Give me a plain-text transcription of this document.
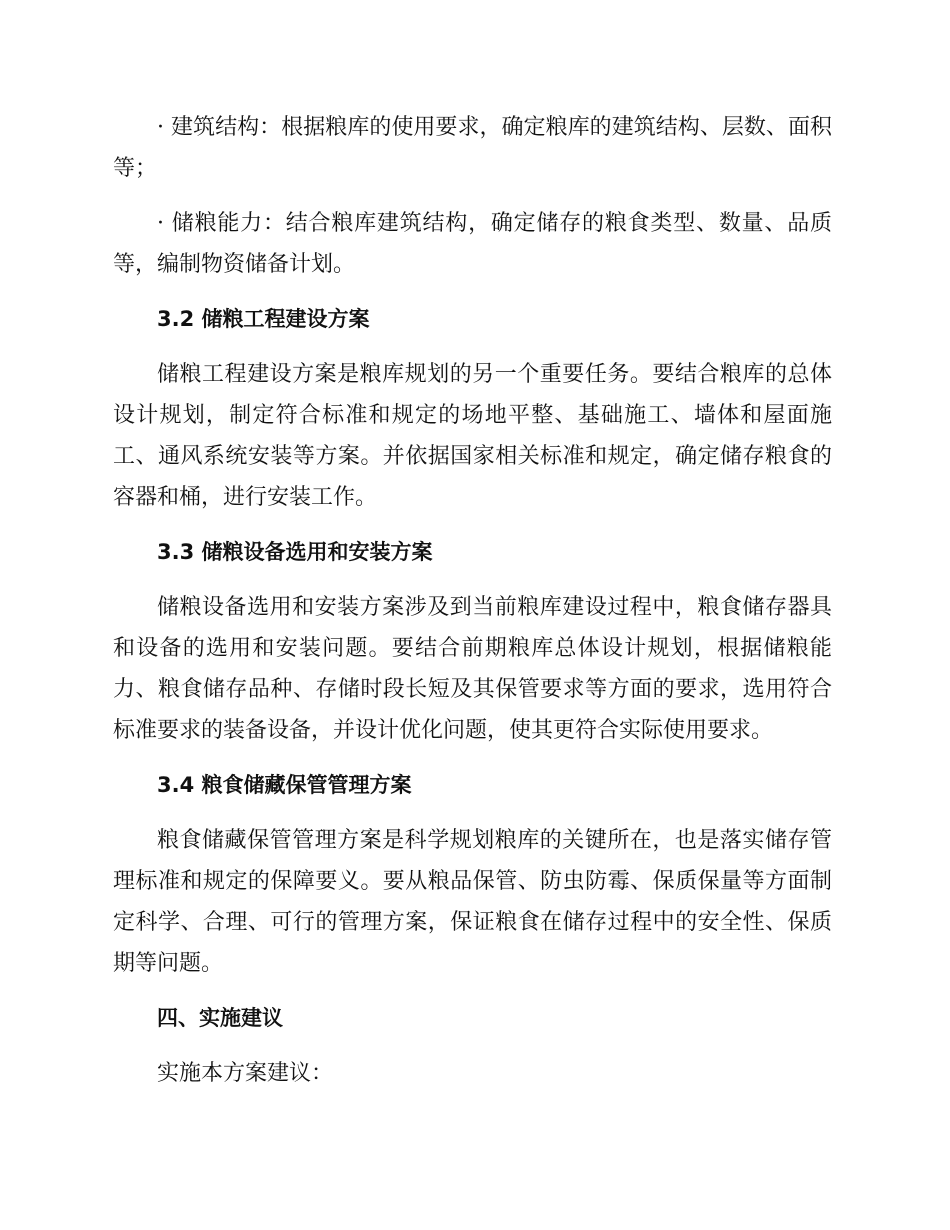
· 建筑结构：根据粮库的使用要求，确定粮库的建筑结构、层数、面积等；

· 储粮能力：结合粮库建筑结构，确定储存的粮食类型、数量、品质等，编制物资储备计划。

3.2 储粮工程建设方案

储粮工程建设方案是粮库规划的另一个重要任务。要结合粮库的总体设计规划，制定符合标准和规定的场地平整、基础施工、墙体和屋面施工、通风系统安装等方案。并依据国家相关标准和规定，确定储存粮食的容器和桶，进行安装工作。

3.3 储粮设备选用和安装方案

储粮设备选用和安装方案涉及到当前粮库建设过程中，粮食储存器具和设备的选用和安装问题。要结合前期粮库总体设计规划，根据储粮能力、粮食储存品种、存储时段长短及其保管要求等方面的要求，选用符合标准要求的装备设备，并设计优化问题，使其更符合实际使用要求。

3.4 粮食储藏保管管理方案

粮食储藏保管管理方案是科学规划粮库的关键所在，也是落实储存管理标准和规定的保障要义。要从粮品保管、防虫防霉、保质保量等方面制定科学、合理、可行的管理方案，保证粮食在储存过程中的安全性、保质期等问题。

四、实施建议

实施本方案建议：
